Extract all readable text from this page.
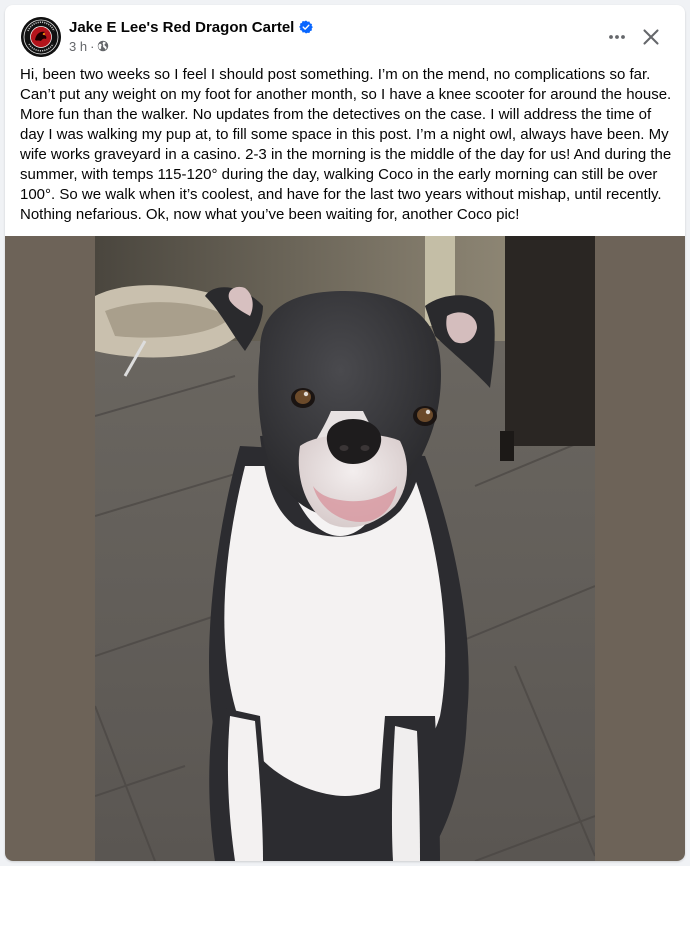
Jake E Lee's Red Dragon Cartel
3 h ·

Hi, been two weeks so I feel I should post something. I’m on the mend, no complications so far. Can’t put any weight on my foot for another month, so I have a knee scooter for around the house. More fun than the walker. No updates from the detectives on the case. I will address the time of day I was walking my pup at, to fill some space in this post. I’m a night owl, always have been. My wife works graveyard in a casino. 2-3 in the morning is the middle of the day for us! And during the summer, with temps 115-120° during the day, walking Coco in the early morning can still be over 100°. So we walk when it’s coolest, and have for the last two years without mishap, until recently. Nothing nefarious. Ok, now what you’ve been waiting for, another Coco pic!
